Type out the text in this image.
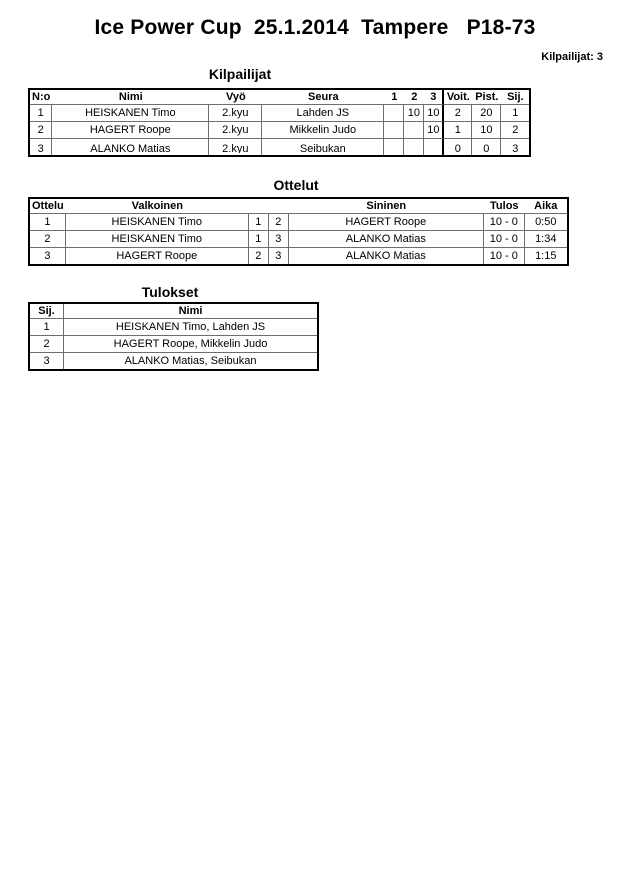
Ice Power Cup  25.1.2014  Tampere   P18-73
Kilpailijat: 3
Kilpailijat
N:o	Nimi	Vyö	Seura	1	2	3	Voit.	Pist.	Sij.
1	HEISKANEN Timo	2.kyu	Lahden JS		10	10	2	20	1
2	HAGERT Roope	2.kyu	Mikkelin Judo			10	1	10	2

3	ALANKO Matias	2.kyu	Seibukan				0	0	3
Ottelut
Ottelu	Valkoinen			Sininen	Tulos	Aika
1	HEISKANEN Timo	1	2	HAGERT Roope	10 - 0	0:50
2	HEISKANEN Timo	1	3	ALANKO Matias	10 - 0	1:34
3	HAGERT Roope	2	3	ALANKO Matias	10 - 0	1:15
Tulokset
Sij.	Nimi
1	HEISKANEN Timo, Lahden JS
2	HAGERT Roope, Mikkelin Judo
3	ALANKO Matias, Seibukan
